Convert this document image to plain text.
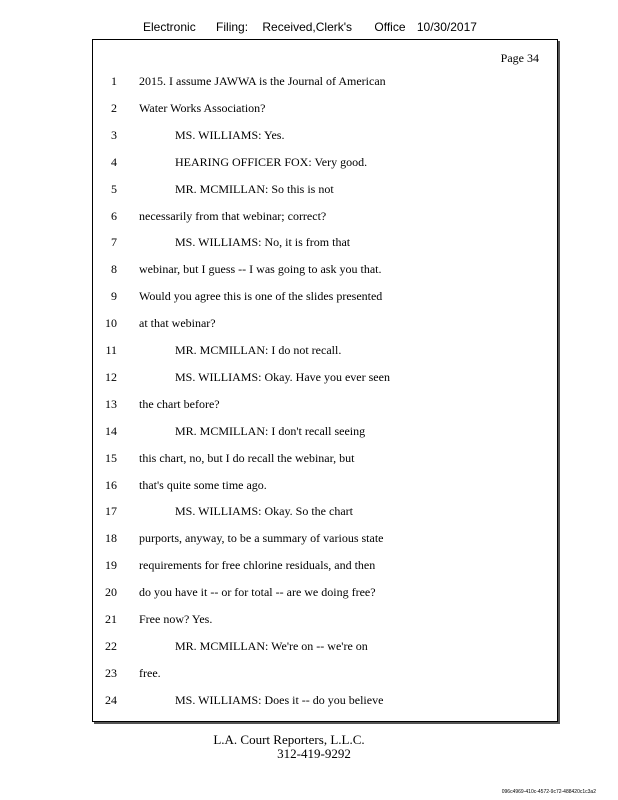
Electronic Filing: Received,Clerk's Office 10/30/2017
Page 34
1 2015. I assume JAWWA is the Journal of American
2 Water Works Association?
3	MS. WILLIAMS: Yes.
4	HEARING OFFICER FOX: Very good.
5	MR. MCMILLAN: So this is not
6 necessarily from that webinar; correct?
7	MS. WILLIAMS: No, it is from that
8 webinar, but I guess -- I was going to ask you that.
9 Would you agree this is one of the slides presented
10 at that webinar?
11	MR. MCMILLAN: I do not recall.
12	MS. WILLIAMS: Okay. Have you ever seen
13 the chart before?
14	MR. MCMILLAN: I don't recall seeing
15 this chart, no, but I do recall the webinar, but
16 that's quite some time ago.
17	MS. WILLIAMS: Okay. So the chart
18 purports, anyway, to be a summary of various state
19 requirements for free chlorine residuals, and then
20 do you have it -- or for total -- are we doing free?
21 Free now? Yes.
22	MR. MCMILLAN: We're on -- we're on
23 free.
24	MS. WILLIAMS: Does it -- do you believe
L.A. Court Reporters, L.L.C.
312-419-9292
096c4969-410c-4572-9c72-488420c1c3a2
